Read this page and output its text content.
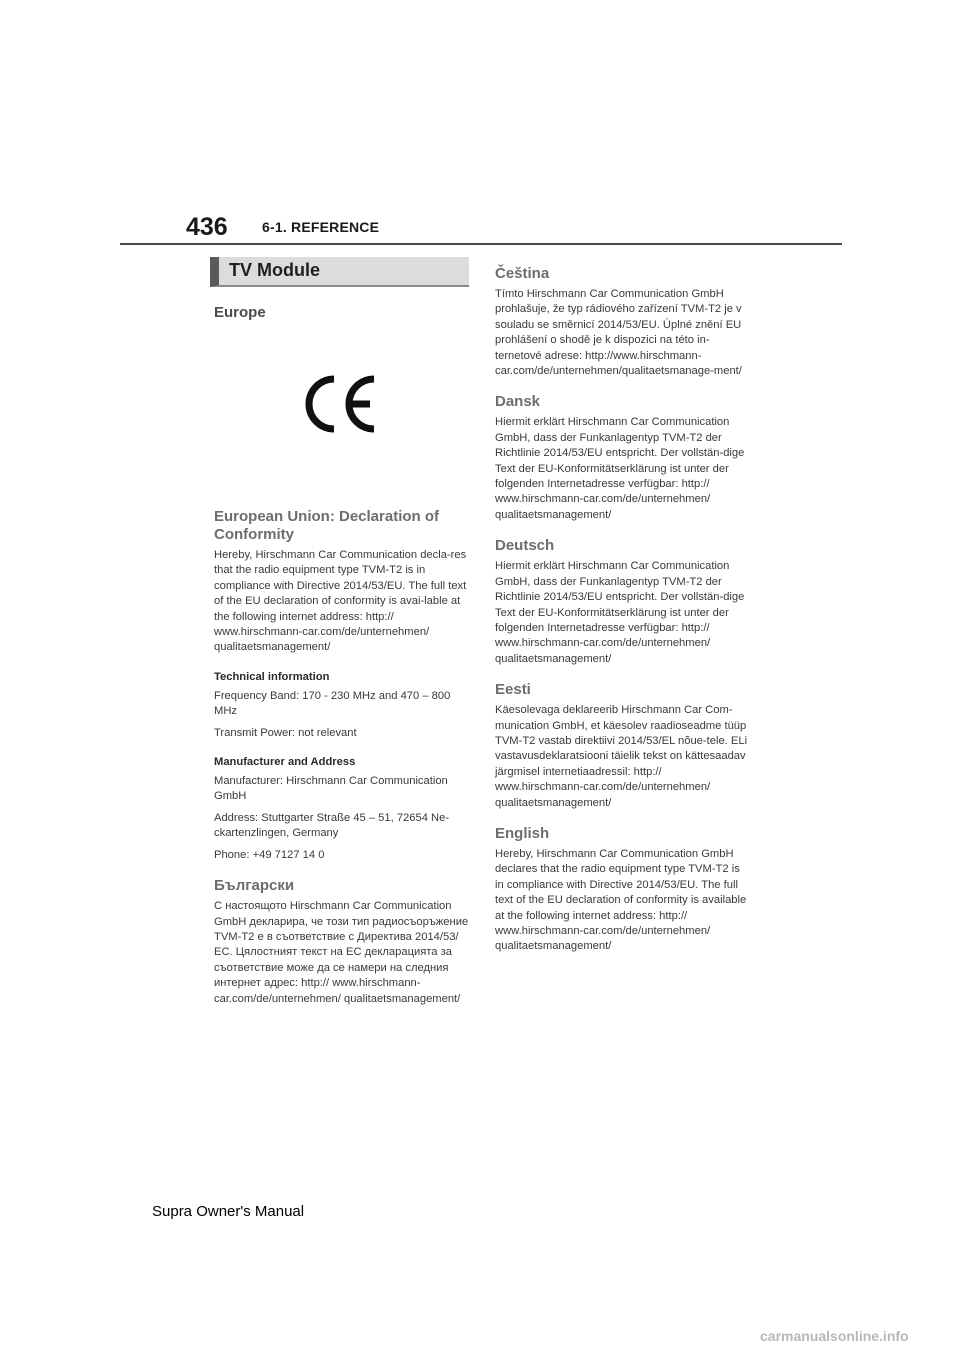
436 6-1. REFERENCE
TV Module
Europe
European Union: Declaration of Conformity

Hereby, Hirschmann Car Communication decla-res that the radio equipment type TVM-T2 is in compliance with Directive 2014/53/EU. The full text of the EU declaration of conformity is avai-lable at the following internet address: http:// www.hirschmann-car.com/de/unternehmen/ qualitaetsmanagement/

Technical information

Frequency Band: 170 - 230 MHz and 470 – 800 MHz

Transmit Power: not relevant

Manufacturer and Address

Manufacturer: Hirschmann Car Communication GmbH

Address: Stuttgarter Straße 45 – 51, 72654 Ne-ckartenzlingen, Germany

Phone: +49 7127 14 0

Български

С настоящото Hirschmann Car Communication GmbH декларира, че този тип радиосъоръжение TVM-T2 е в съответствие с Директива 2014/53/ЕС. Цялостният текст на ЕС декларацията за съответствие може да се намери на следния интернет адрес: http:// www.hirschmann-car.com/de/unternehmen/ qualitaetsmanagement/

Čeština

Tímto Hirschmann Car Communication GmbH prohlašuje, že typ rádiového zařízení TVM-T2 je v souladu se směrnicí 2014/53/EU. Úplné znění EU prohlášení o shodě je k dispozici na této in-ternetové adrese: http://www.hirschmann-car.com/de/unternehmen/qualitaetsmanage-ment/

Dansk

Hiermit erklärt Hirschmann Car Communication GmbH, dass der Funkanlagentyp TVM-T2 der Richtlinie 2014/53/EU entspricht. Der vollstän-dige Text der EU-Konformitätserklärung ist unter der folgenden Internetadresse verfügbar: http:// www.hirschmann-car.com/de/unternehmen/ qualitaetsmanagement/

Deutsch

Hiermit erklärt Hirschmann Car Communication GmbH, dass der Funkanlagentyp TVM-T2 der Richtlinie 2014/53/EU entspricht. Der vollstän-dige Text der EU-Konformitätserklärung ist unter der folgenden Internetadresse verfügbar: http:// www.hirschmann-car.com/de/unternehmen/ qualitaetsmanagement/

Eesti

Käesolevaga deklareerib Hirschmann Car Com-munication GmbH, et käesolev raadioseadme tüüp TVM-T2 vastab direktiivi 2014/53/EL nõue-tele. ELi vastavusdeklaratsiooni täielik tekst on kättesaadav järgmisel internetiaadressil: http:// www.hirschmann-car.com/de/unternehmen/ qualitaetsmanagement/

English

Hereby, Hirschmann Car Communication GmbH declares that the radio equipment type TVM-T2 is in compliance with Directive 2014/53/EU. The full text of the EU declaration of conformity is available at the following internet address: http:// www.hirschmann-car.com/de/unternehmen/ qualitaetsmanagement/

Supra Owner's Manual
carmanualsonline.info
